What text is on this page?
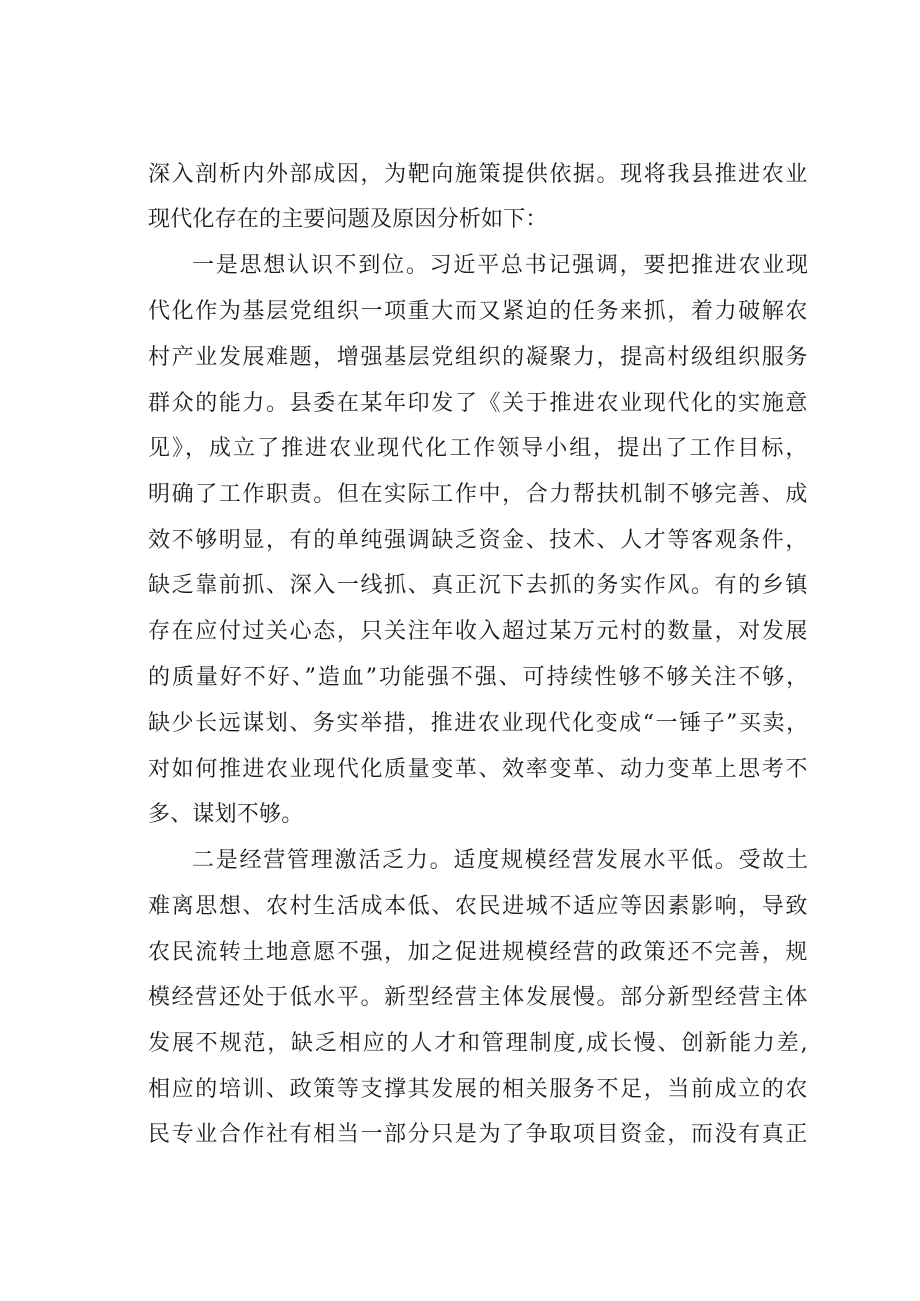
深入剖析内外部成因，为靶向施策提供依据。现将我县推进农业
现代化存在的主要问题及原因分析如下：
一是思想认识不到位。习近平总书记强调，要把推进农业现
代化作为基层党组织一项重大而又紧迫的任务来抓，着力破解农
村产业发展难题，增强基层党组织的凝聚力，提高村级组织服务
群众的能力。县委在某年印发了《关于推进农业现代化的实施意
见》，成立了推进农业现代化工作领导小组，提出了工作目标，
明确了工作职责。但在实际工作中，合力帮扶机制不够完善、成
效不够明显，有的单纯强调缺乏资金、技术、人才等客观条件，
缺乏靠前抓、深入一线抓、真正沉下去抓的务实作风。有的乡镇
存在应付过关心态，只关注年收入超过某万元村的数量，对发展
的质量好不好、”造血”功能强不强、可持续性够不够关注不够，
缺少长远谋划、务实举措，推进农业现代化变成“一锤子”买卖，
对如何推进农业现代化质量变革、效率变革、动力变革上思考不
多、谋划不够。
二是经营管理激活乏力。适度规模经营发展水平低。受故土
难离思想、农村生活成本低、农民进城不适应等因素影响，导致
农民流转土地意愿不强，加之促进规模经营的政策还不完善，规
模经营还处于低水平。新型经营主体发展慢。部分新型经营主体
发展不规范，缺乏相应的人才和管理制度,成长慢、创新能力差,
相应的培训、政策等支撑其发展的相关服务不足，当前成立的农
民专业合作社有相当一部分只是为了争取项目资金，而没有真正
